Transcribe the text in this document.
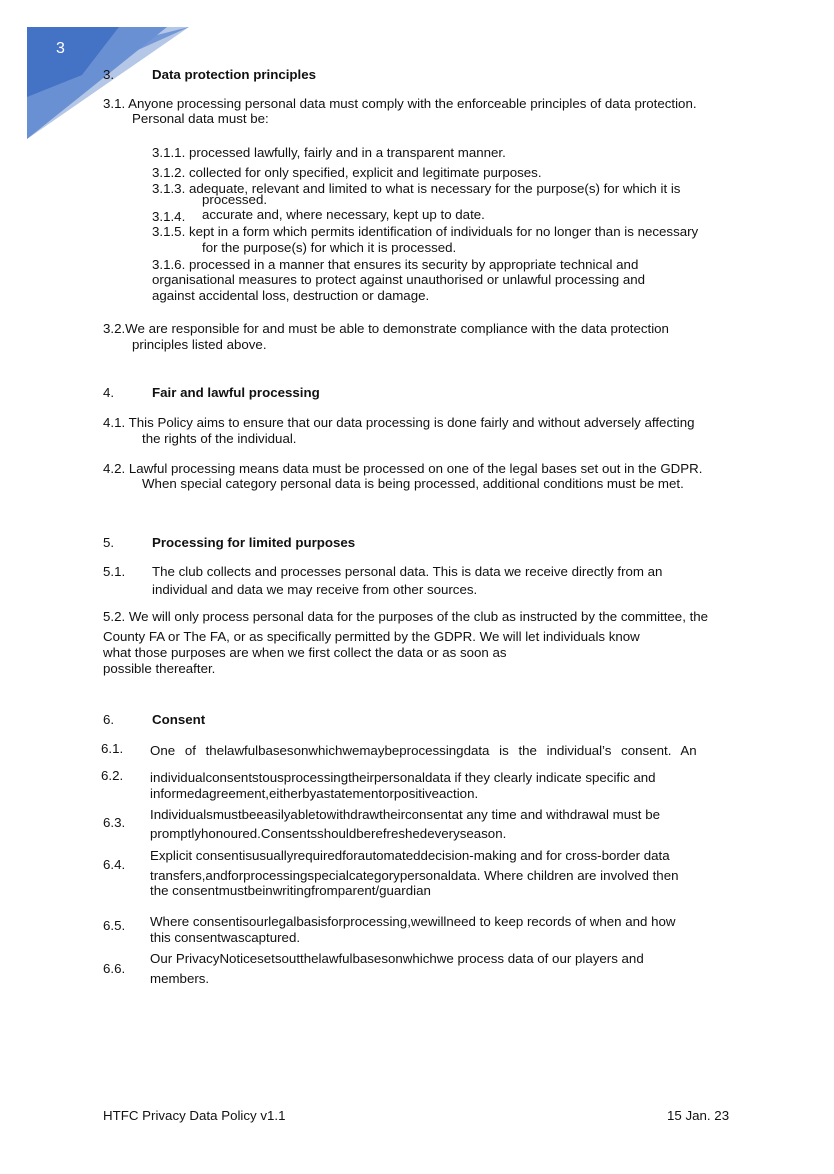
3
3.	Data protection principles
3.1. Anyone processing personal data must comply with the enforceable principles of data protection.
Personal data must be:
3.1.1. processed lawfully, fairly and in a transparent manner.
3.1.2. collected for only specified, explicit and legitimate purposes.
3.1.3. adequate, relevant and limited to what is necessary for the purpose(s) for which it is
processed.
3.1.4. accurate and, where necessary, kept up to date.
3.1.5. kept in a form which permits identification of individuals for no longer than is necessary
for the purpose(s) for which it is processed.
3.1.6. processed in a manner that ensures its security by appropriate technical and
organisational measures to protect against unauthorised or unlawful processing and
against accidental loss, destruction or damage.
3.2.We are responsible for and must be able to demonstrate compliance with the data protection
principles listed above.
4.	Fair and lawful processing
4.1. This Policy aims to ensure that our data processing is done fairly and without adversely affecting
the rights of the individual.
4.2. Lawful processing means data must be processed on one of the legal bases set out in the GDPR.
When special category personal data is being processed, additional conditions must be met.
5.	Processing for limited purposes
5.1. The club collects and processes personal data. This is data we receive directly from an
individual and data we may receive from other sources.
5.2. We will only process personal data for the purposes of the club as instructed by the committee, the
County FA or The FA, or as specifically permitted by the GDPR. We will let individuals know
what those purposes are when we first collect the data or as soon as
possible thereafter.
6.	Consent
6.1. One of thelawfulbasesonwhichwemaybeprocessingdata is the individual’s consent. An
6.2. individualconsentstousprocessingtheirpersonaldata if they clearly indicate specific and
informedagreement,eitherbyastatementorpositiveaction.
6.3.
Individualsmustbeeasilyabletowithdrawtheirconsentat any time and withdrawal must be
promptlyhonoured.Consentsshouldberefreshedeveryseason.
6.4.
Explicit consentisusuallyrequiredforautomateddecision-making and for cross-border data
transfers,andforprocessingspecialcategorypersonaldata. Where children are involved then
the consentmustbeinwritingfromparent/guardian
6.5. Where consentisourlegalbasisforprocessing,wewillneed to keep records of when and how
this consentwascaptured.
6.6.
Our PrivacyNoticesetsoutthelawfulbasesonwhichwe process data of our players and
members.
HTFC Privacy Data Policy v1.1	15 Jan. 23
